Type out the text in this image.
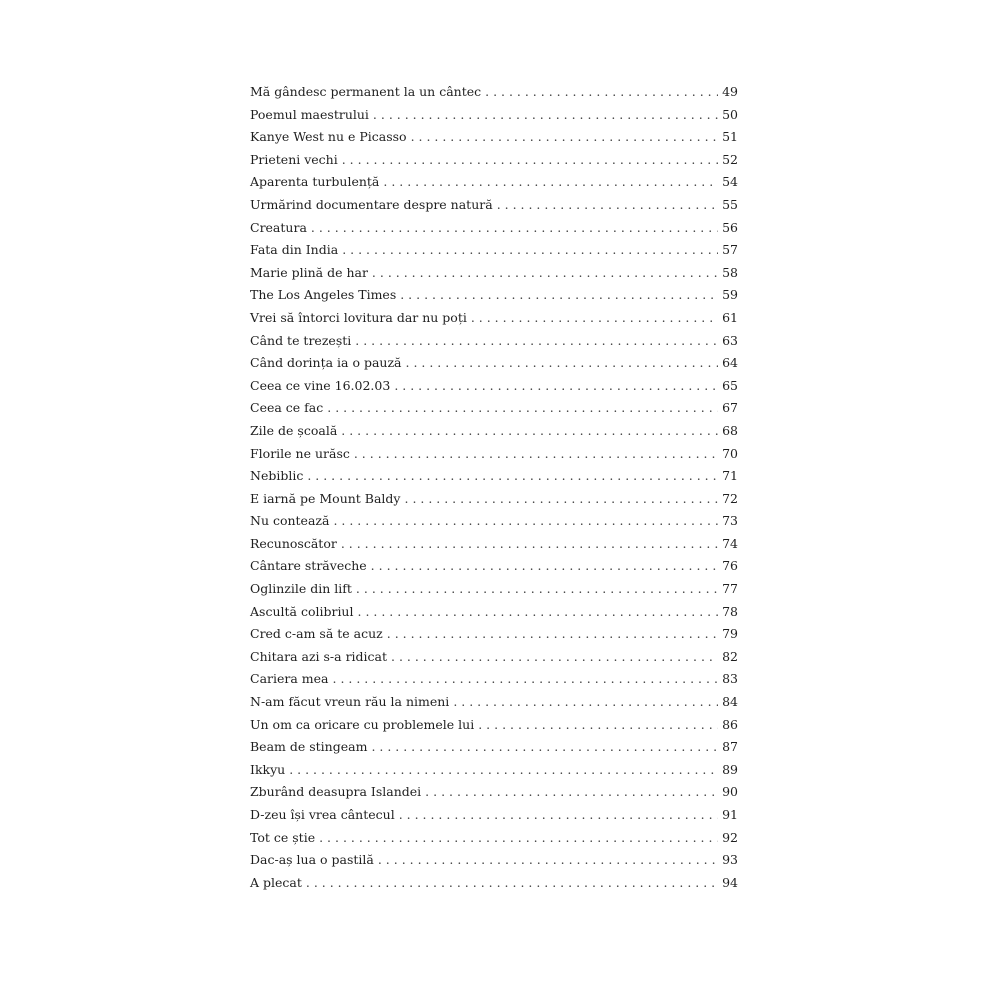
Mă gândesc permanent la un cântec . . .	49
Poemul maestrului . . .	50
Kanye West nu e Picasso . . .	51
Prieteni vechi . . .	52
Aparenta turbulență . . .	54
Urmărind documentare despre natură . . .	55
Creatura . . .	56
Fata din India . . .	57
Marie plină de har . . .	58
The Los Angeles Times . . .	59
Vrei să întorci lovitura dar nu poți . . .	61
Când te trezești . . .	63
Când dorința ia o pauză . . .	64
Ceea ce vine 16.02.03 . . .	65
Ceea ce fac . . .	67
Zile de școală . . .	68
Florile ne urăsc . . .	70
Nebiblic . . .	71
E iarnă pe Mount Baldy . . .	72
Nu contează . . .	73
Recunoscător . . .	74
Cântare străveche . . .	76
Oglinzile din lift . . .	77
Ascultă colibriul . . .	78
Cred c-am să te acuz . . .	79
Chitara azi s-a ridicat . . .	82
Cariera mea . . .	83
N-am făcut vreun rău la nimeni . . .	84
Un om ca oricare cu problemele lui . . .	86
Beam de stingeam . . .	87
Ikkyu . . .	89
Zburând deasupra Islandei . . .	90
D-zeu își vrea cântecul . . .	91
Tot ce știe . . .	92
Dac-aș lua o pastilă . . .	93
A plecat . . .	94
